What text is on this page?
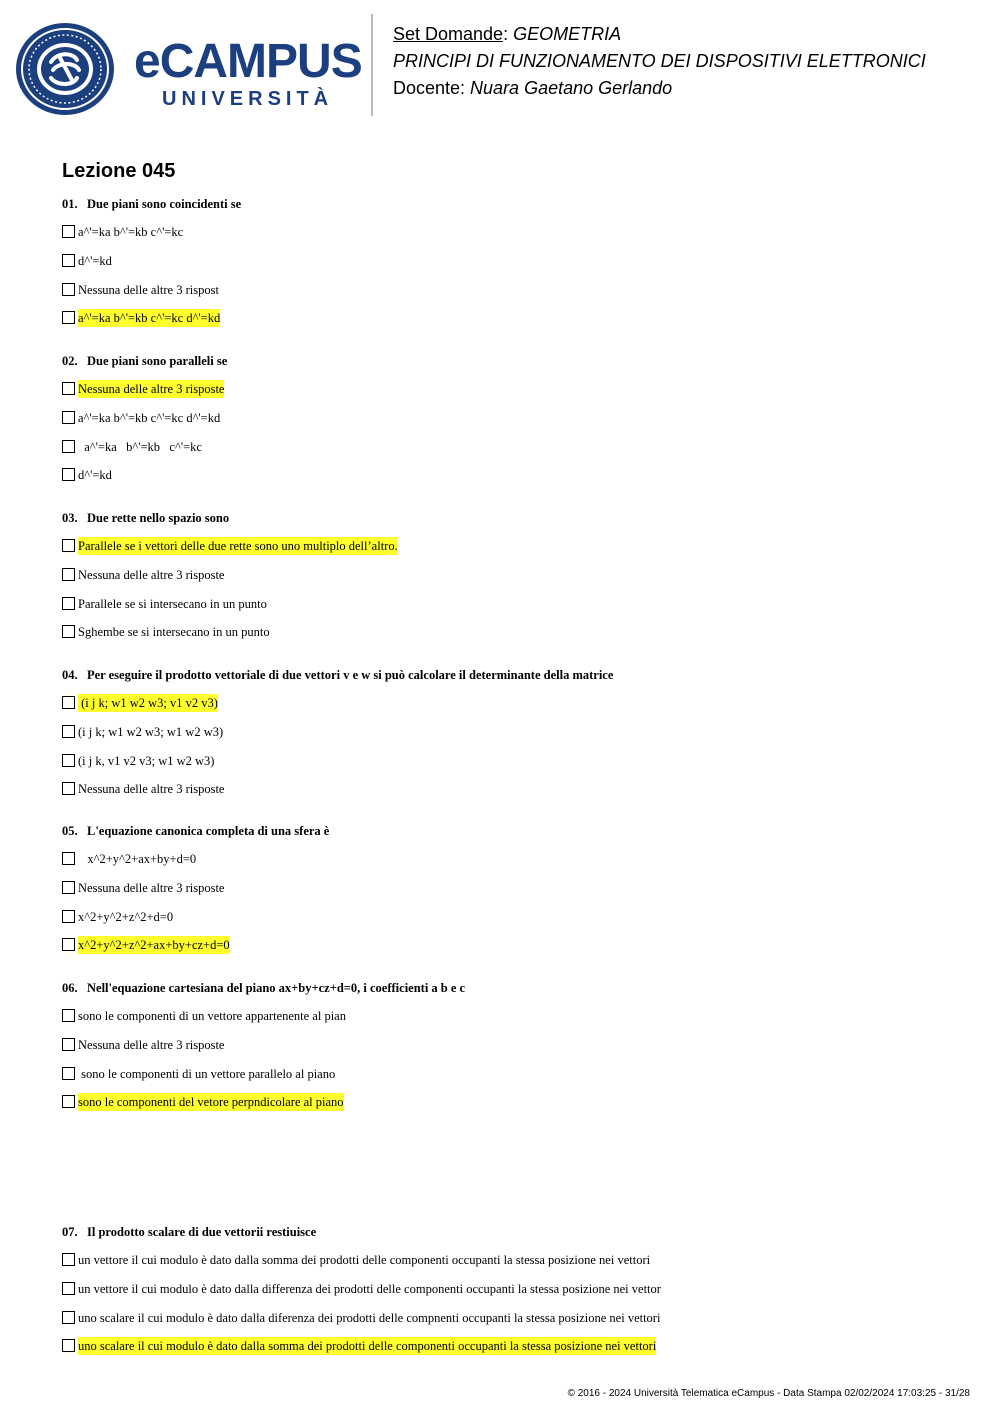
eCAMPUS
UNIVERSITÀ
Set Domande: GEOMETRIA
PRINCIPI DI FUNZIONAMENTO DEI DISPOSITIVI ELETTRONICI
Docente: Nuara Gaetano Gerlando
Lezione 045
01. Due piani sono coincidenti se
a^'=ka b^'=kb c^'=kc
d^'=kd
Nessuna delle altre 3 rispost
a^'=ka b^'=kb c^'=kc d^'=kd
02. Due piani sono paralleli se
Nessuna delle altre 3 risposte
a^'=ka b^'=kb c^'=kc d^'=kd
a^'=ka   b^'=kb   c^'=kc
d^'=kd
03. Due rette nello spazio sono
Parallele se i vettori delle due rette sono uno multiplo dell’altro.
Nessuna delle altre 3 risposte
Parallele se si intersecano in un punto
Sghembe se si intersecano in un punto
04. Per eseguire il prodotto vettoriale di due vettori v e w si può calcolare il determinante della matrice
(i j k; w1 w2 w3; v1 v2 v3)
(i j k; w1 w2 w3; w1 w2 w3)
(i j k, v1 v2 v3; w1 w2 w3)
Nessuna delle altre 3 risposte
05. L'equazione canonica completa di una sfera è
x^2+y^2+ax+by+d=0
Nessuna delle altre 3 risposte
x^2+y^2+z^2+d=0
x^2+y^2+z^2+ax+by+cz+d=0
06. Nell'equazione cartesiana del piano ax+by+cz+d=0, i coefficienti a b e c
sono le componenti di un vettore appartenente al pian
Nessuna delle altre 3 risposte
sono le componenti di un vettore parallelo al piano
sono le componenti del vetore perpndicolare al piano
07. Il prodotto scalare di due vettorii restiuisce
un vettore il cui modulo è dato dalla somma dei prodotti delle componenti occupanti la stessa posizione nei vettori
un vettore il cui modulo è dato dalla differenza dei prodotti delle componenti occupanti la stessa posizione nei vettor
uno scalare il cui modulo è dato dalla diferenza dei prodotti delle compnenti occupanti la stessa posizione nei vettori
uno scalare il cui modulo è dato dalla somma dei prodotti delle componenti occupanti la stessa posizione nei vettori
© 2016 - 2024 Università Telematica eCampus - Data Stampa 02/02/2024 17:03:25 - 31/28
